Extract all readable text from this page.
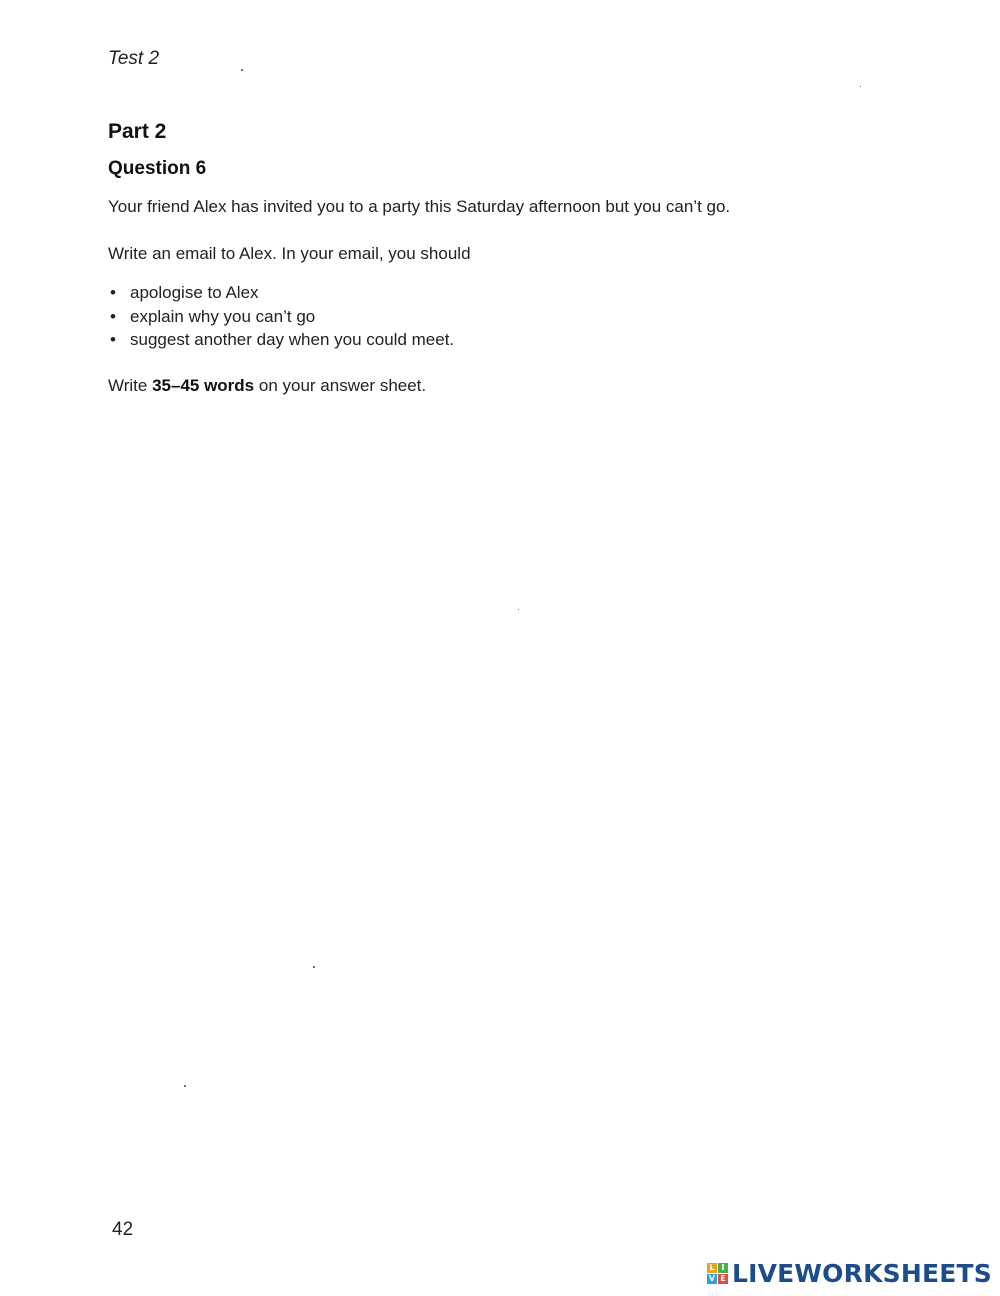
Test 2
Part 2
Question 6
Your friend Alex has invited you to a party this Saturday afternoon but you can’t go.
Write an email to Alex. In your email, you should
• apologise to Alex
• explain why you can’t go
• suggest another day when you could meet.
Write 35–45 words on your answer sheet.
42
L I
V E LIVEWORKSHEETS
